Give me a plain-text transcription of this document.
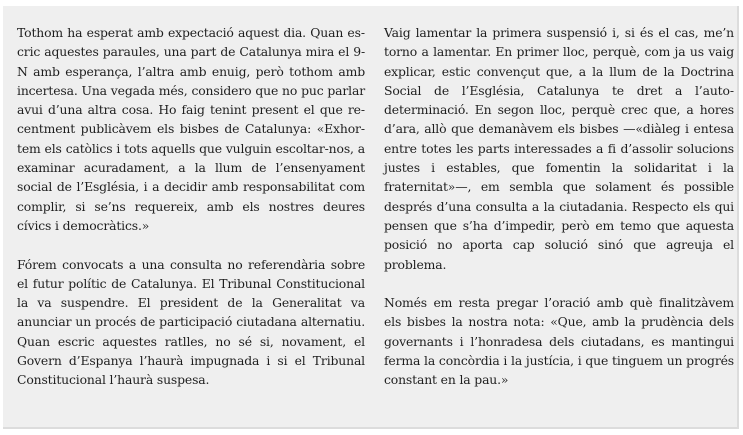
Tothom ha esperat amb expectació aquest dia. Quan escric aquestes paraules, una part de Catalunya mira el 9-N amb esperança, l’altra amb enuig, però tothom amb incertesa. Una vegada més, considero que no puc parlar avui d’una altra cosa. Ho faig tenint present el que recentment publicàvem els bisbes de Catalunya: «Exhortem els catòlics i tots aquells que vulguin escoltar-nos, a examinar acuradament, a la llum de l’ensenyament social de l’Església, i a decidir amb responsabilitat com complir, si se’ns requereix, amb els nostres deures cívics i democràtics.»

Fórem convocats a una consulta no referendària sobre el futur polític de Catalunya. El Tribunal Constitucional la va suspendre. El president de la Generalitat va anunciar un procés de participació ciutadana alternatiu. Quan escric aquestes ratlles, no sé si, novament, el Govern d’Espanya l’haurà impugnada i si el Tribunal Constitucional l’haurà suspesa.

Vaig lamentar la primera suspensió i, si és el cas, me’n torno a lamentar. En primer lloc, perquè, com ja us vaig explicar, estic convençut que, a la llum de la Doctrina Social de l’Església, Catalunya te dret a l’autodeterminació. En segon lloc, perquè crec que, a hores d’ara, allò que demanàvem els bisbes —«diàleg i entesa entre totes les parts interessades a fi d’assolir solucions justes i estables, que fomentin la solidaritat i la fraternitat»—, em sembla que solament és possible després d’una consulta a la ciutadania. Respecto els qui pensen que s’ha d’impedir, però em temo que aquesta posició no aporta cap solució sinó que agreuja el problema.

Només em resta pregar l’oració amb què finalitzàvem els bisbes la nostra nota: «Que, amb la prudència dels governants i l’honradesa dels ciutadans, es mantingui ferma la concòrdia i la justícia, i que tinguem un progrés constant en la pau.»
